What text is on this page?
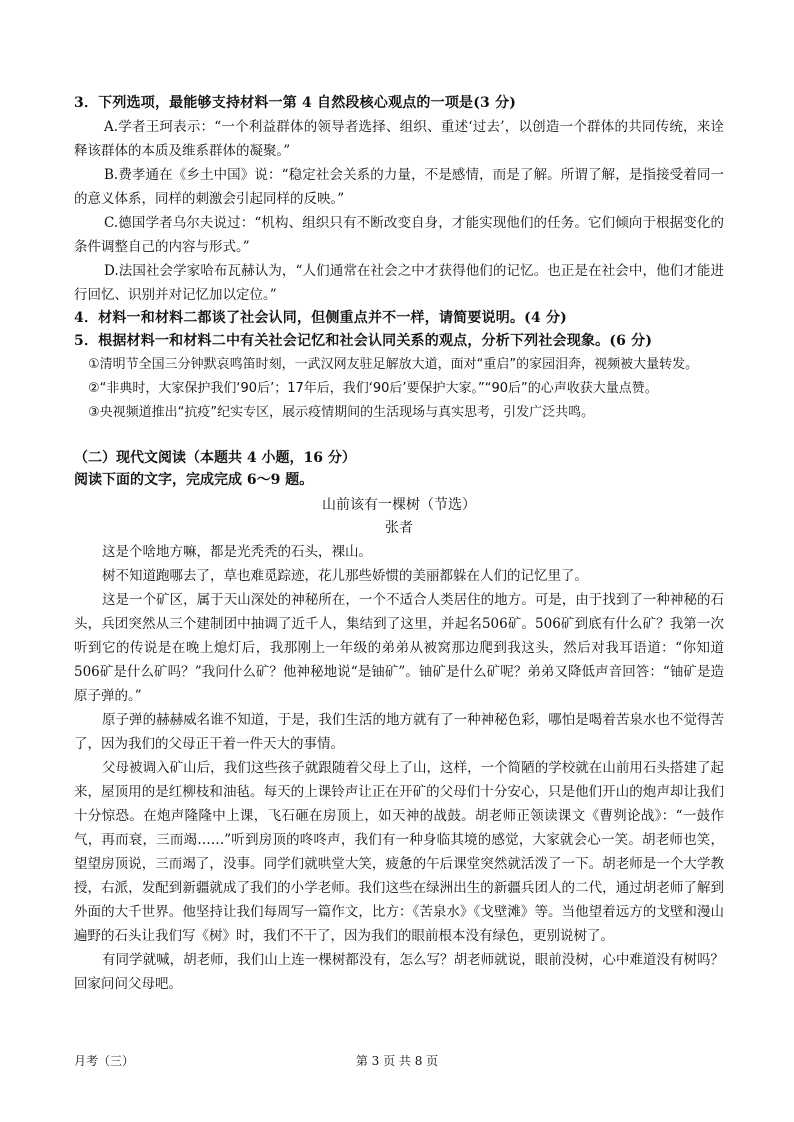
3．下列选项，最能够支持材料一第 4 自然段核心观点的一项是(3 分)

A.学者王珂表示：“一个利益群体的领导者选择、组织、重述‘过去’，以创造一个群体的共同传统，来诠释该群体的本质及维系群体的凝聚。”

B.费孝通在《乡土中国》说：“稳定社会关系的力量，不是感情，而是了解。所谓了解，是指接受着同一的意义体系，同样的刺激会引起同样的反映。”

C.德国学者乌尔夫说过：“机构、组织只有不断改变自身，才能实现他们的任务。它们倾向于根据变化的条件调整自己的内容与形式。”

D.法国社会学家哈布瓦赫认为，“人们通常在社会之中才获得他们的记忆。也正是在社会中，他们才能进行回忆、识别并对记忆加以定位。”

4．材料一和材料二都谈了社会认同，但侧重点并不一样，请简要说明。(4 分)

5．根据材料一和材料二中有关社会记忆和社会认同关系的观点，分析下列社会现象。(6 分)

①清明节全国三分钟默哀鸣笛时刻，一武汉网友驻足解放大道，面对“重启”的家园泪奔，视频被大量转发。

②“非典时，大家保护我们‘90后’；17年后，我们‘90后’要保护大家。”“90后”的心声收获大量点赞。

③央视频道推出“抗疫”纪实专区，展示疫情期间的生活现场与真实思考，引发广泛共鸣。

（二）现代文阅读（本题共 4 小题，16 分）

阅读下面的文字，完成完成 6～9 题。

山前该有一棵树（节选）

张者

这是个啥地方嘛，都是光秃秃的石头，裸山。

树不知道跑哪去了，草也难觅踪迹，花儿那些娇惯的美丽都躲在人们的记忆里了。

这是一个矿区，属于天山深处的神秘所在，一个不适合人类居住的地方。可是，由于找到了一种神秘的石头，兵团突然从三个建制团中抽调了近千人，集结到了这里，并起名506矿。506矿到底有什么矿？我第一次听到它的传说是在晚上熄灯后，我那刚上一年级的弟弟从被窝那边爬到我这头，然后对我耳语道：“你知道506矿是什么矿吗？”我问什么矿？他神秘地说“是铀矿”。铀矿是什么矿呢？弟弟又降低声音回答：“铀矿是造原子弹的。”

原子弹的赫赫威名谁不知道，于是，我们生活的地方就有了一种神秘色彩，哪怕是喝着苦泉水也不觉得苦了，因为我们的父母正干着一件天大的事情。

父母被调入矿山后，我们这些孩子就跟随着父母上了山，这样，一个简陋的学校就在山前用石头搭建了起来，屋顶用的是红柳枝和油毡。每天的上课铃声让正在开矿的父母们十分安心，只是他们开山的炮声却让我们十分惊恐。在炮声隆隆中上课，飞石砸在房顶上，如天神的战鼓。胡老师正领读课文《曹刿论战》：“一鼓作气，再而衰，三而竭……”听到房顶的咚咚声，我们有一种身临其境的感觉，大家就会心一笑。胡老师也笑，望望房顶说，三而竭了，没事。同学们就哄堂大笑，疲惫的午后课堂突然就活泼了一下。胡老师是一个大学教授，右派，发配到新疆就成了我们的小学老师。我们这些在绿洲出生的新疆兵团人的二代，通过胡老师了解到外面的大千世界。他坚持让我们每周写一篇作文，比方：《苦泉水》《戈壁滩》等。当他望着远方的戈壁和漫山遍野的石头让我们写《树》时，我们不干了，因为我们的眼前根本没有绿色，更别说树了。

有同学就喊，胡老师，我们山上连一棵树都没有，怎么写？胡老师就说，眼前没树，心中难道没有树吗？回家问问父母吧。

月考（三）	第 3 页 共 8 页
